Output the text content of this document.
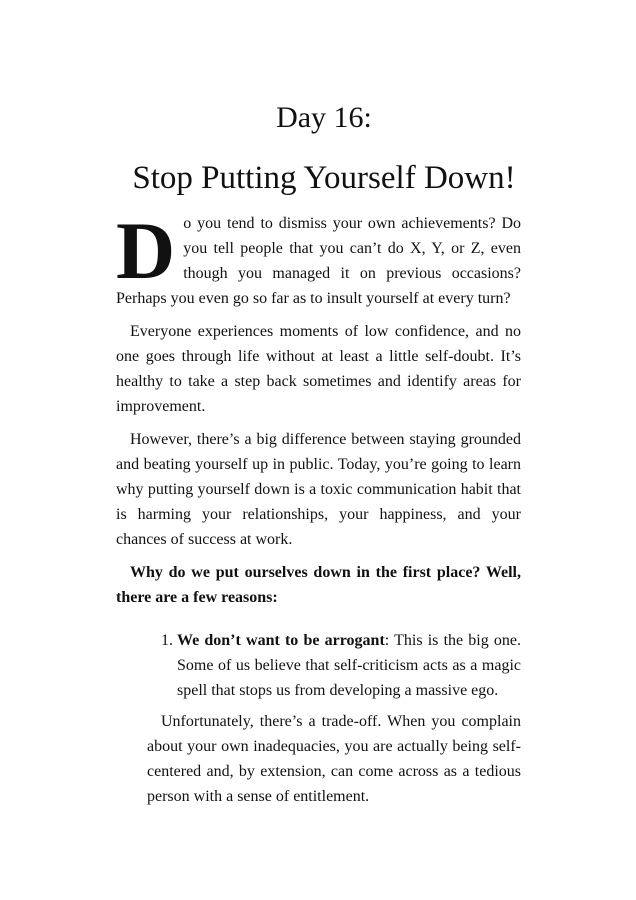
Day 16:
Stop Putting Yourself Down!

Do you tend to dismiss your own achievements? Do you tell people that you can’t do X, Y, or Z, even though you managed it on previous occasions? Perhaps you even go so far as to insult yourself at every turn?

Everyone experiences moments of low confidence, and no one goes through life without at least a little self-doubt. It’s healthy to take a step back sometimes and identify areas for improvement.

However, there’s a big difference between staying grounded and beating yourself up in public. Today, you’re going to learn why putting yourself down is a toxic communication habit that is harming your relationships, your happiness, and your chances of success at work.

Why do we put ourselves down in the first place? Well, there are a few reasons:

1. We don’t want to be arrogant: This is the big one. Some of us believe that self-criticism acts as a magic spell that stops us from developing a massive ego.

Unfortunately, there’s a trade-off. When you complain about your own inadequacies, you are actually being self-centered and, by extension, can come across as a tedious person with a sense of entitlement.
